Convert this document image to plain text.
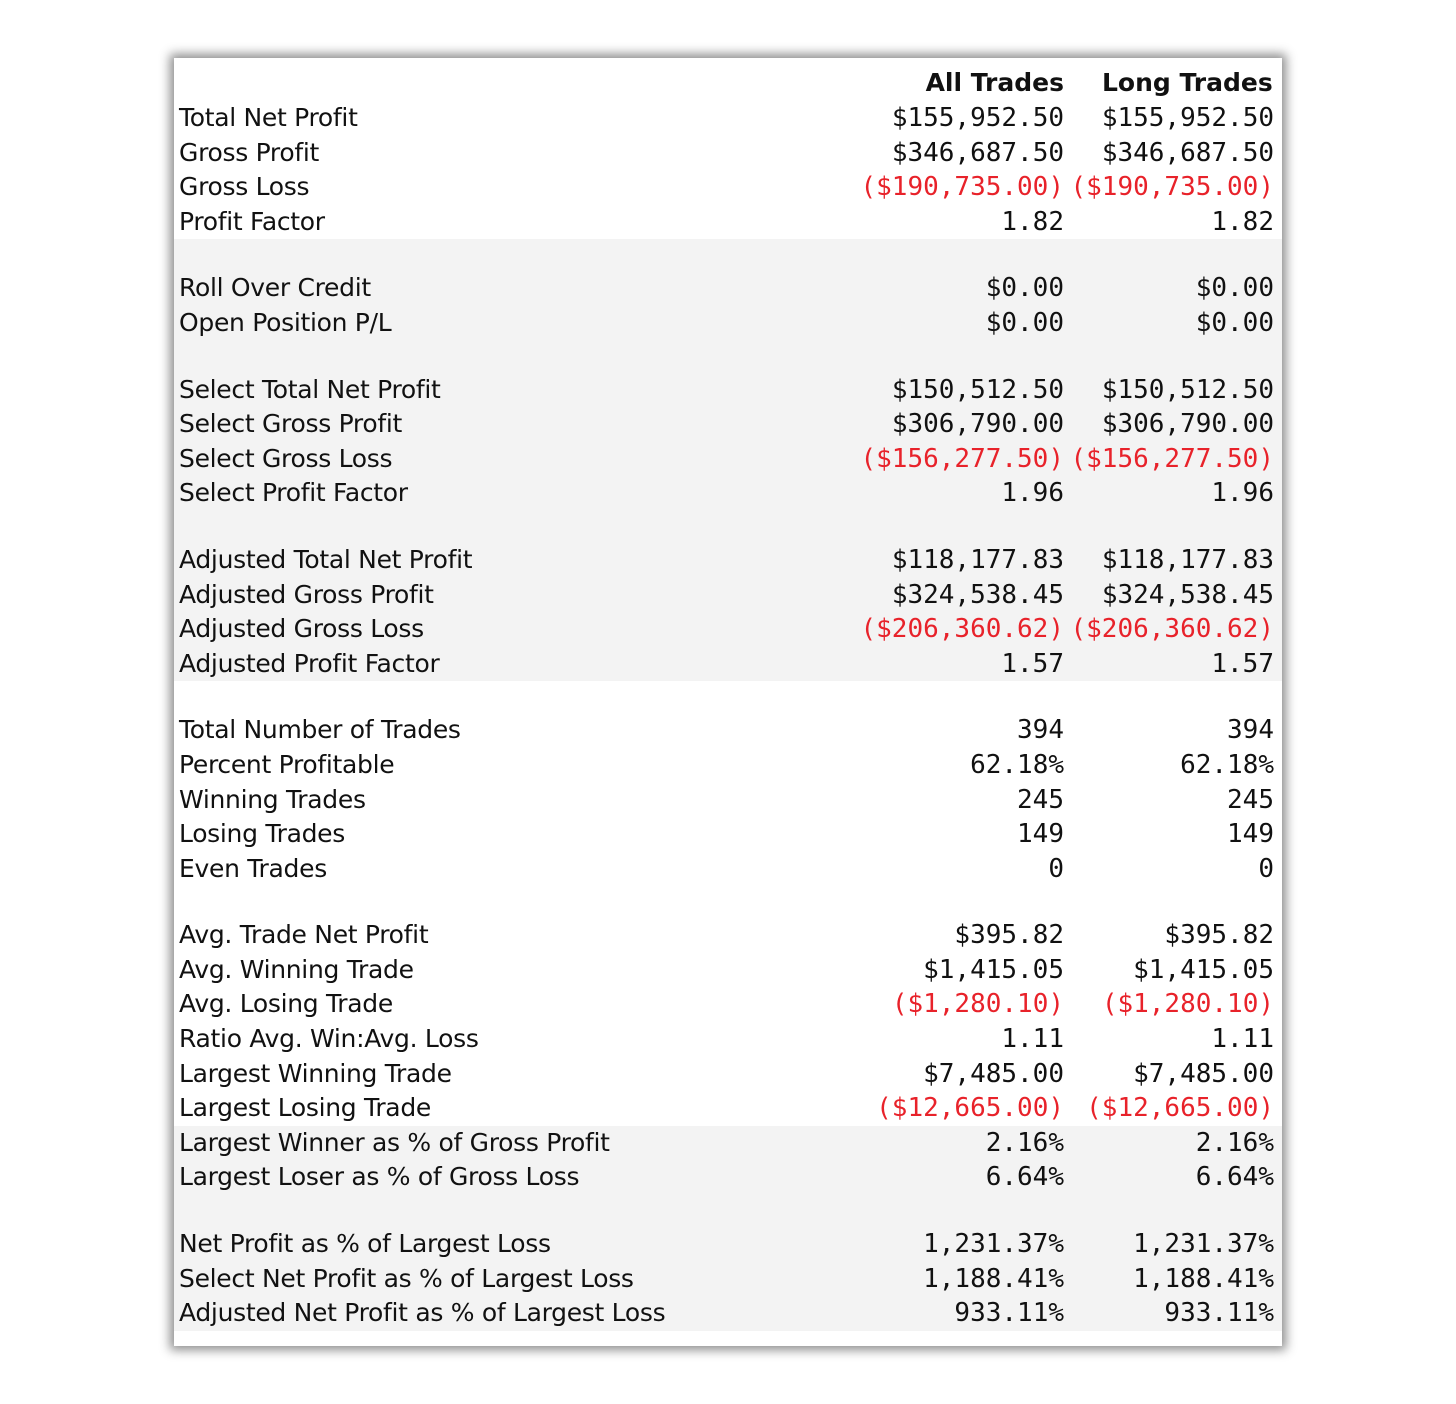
All Trades Long Trades
Total Net Profit	$155,952.50 $155,952.50
Gross Profit	$346,687.50 $346,687.50
Gross Loss	($190,735.00) ($190,735.00)
Profit Factor	1.82	1.82
Roll Over Credit	$0.00	$0.00
Open Position P/L	$0.00	$0.00
Select Total Net Profit	$150,512.50 $150,512.50
Select Gross Profit	$306,790.00 $306,790.00
Select Gross Loss	($156,277.50) ($156,277.50)
Select Profit Factor	1.96	1.96
Adjusted Total Net Profit	$118,177.83 $118,177.83
Adjusted Gross Profit	$324,538.45 $324,538.45
Adjusted Gross Loss	($206,360.62) ($206,360.62)
Adjusted Profit Factor	1.57	1.57
Total Number of Trades	394	394
Percent Profitable	62.18%	62.18%
Winning Trades	245	245
Losing Trades	149	149
Even Trades	0	0
Avg. Trade Net Profit	$395.82	$395.82
Avg. Winning Trade	$1,415.05	$1,415.05
Avg. Losing Trade	($1,280.10) ($1,280.10)
Ratio Avg. Win:Avg. Loss	1.11	1.11
Largest Winning Trade	$7,485.00	$7,485.00
Largest Losing Trade	($12,665.00) ($12,665.00)
Largest Winner as % of Gross Profit	2.16%	2.16%
Largest Loser as % of Gross Loss	6.64%	6.64%
Net Profit as % of Largest Loss	1,231.37%	1,231.37%
Select Net Profit as % of Largest Loss	1,188.41%	1,188.41%
Adjusted Net Profit as % of Largest Loss	933.11%	933.11%
